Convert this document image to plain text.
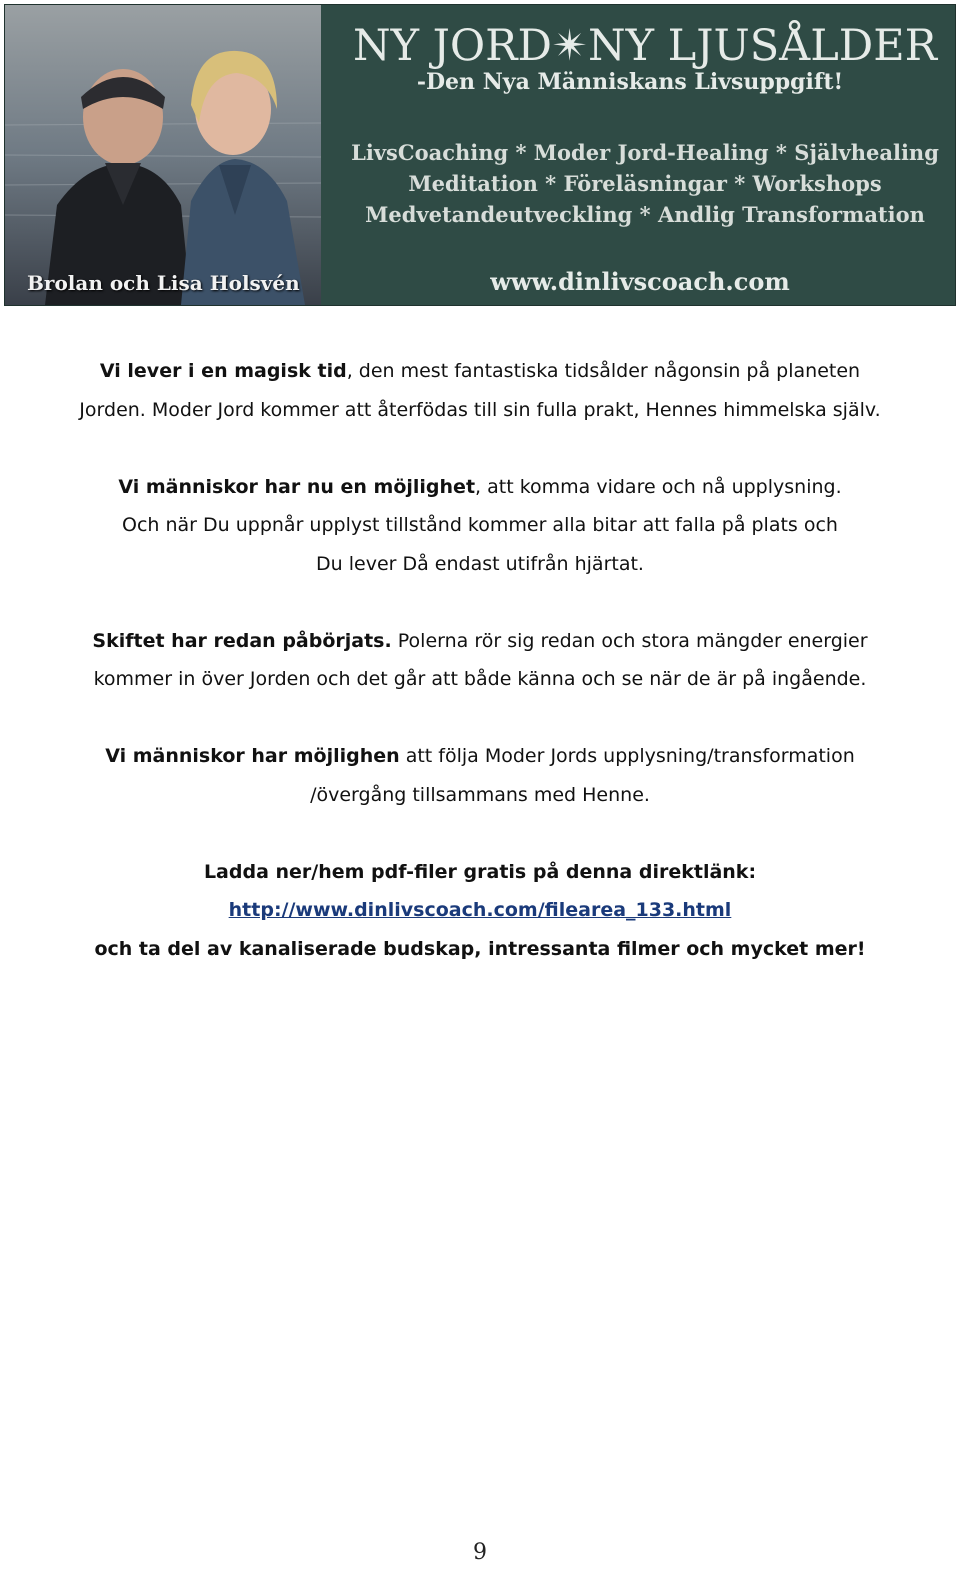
Brolan och Lisa Holsvén
NY JORD✴NY LJUSÅLDER
-Den Nya Människans Livsuppgift!
LivsCoaching * Moder Jord-Healing * Självhealing
Meditation * Föreläsningar * Workshops
Medvetandeutveckling * Andlig Transformation
www.dinlivscoach.com
Vi lever i en magisk tid, den mest fantastiska tidsålder någonsin på planeten
Jorden. Moder Jord kommer att återfödas till sin fulla prakt, Hennes himmelska själv.
Vi människor har nu en möjlighet, att komma vidare och nå upplysning.
Och när Du uppnår upplyst tillstånd kommer alla bitar att falla på plats och
Du lever Då endast utifrån hjärtat.
Skiftet har redan påbörjats. Polerna rör sig redan och stora mängder energier
kommer in över Jorden och det går att både känna och se när de är på ingående.
Vi människor har möjlighen att följa Moder Jords upplysning/transformation
/övergång tillsammans med Henne.
Ladda ner/hem pdf-filer gratis på denna direktlänk:
http://www.dinlivscoach.com/filearea_133.html
och ta del av kanaliserade budskap, intressanta filmer och mycket mer!
9
